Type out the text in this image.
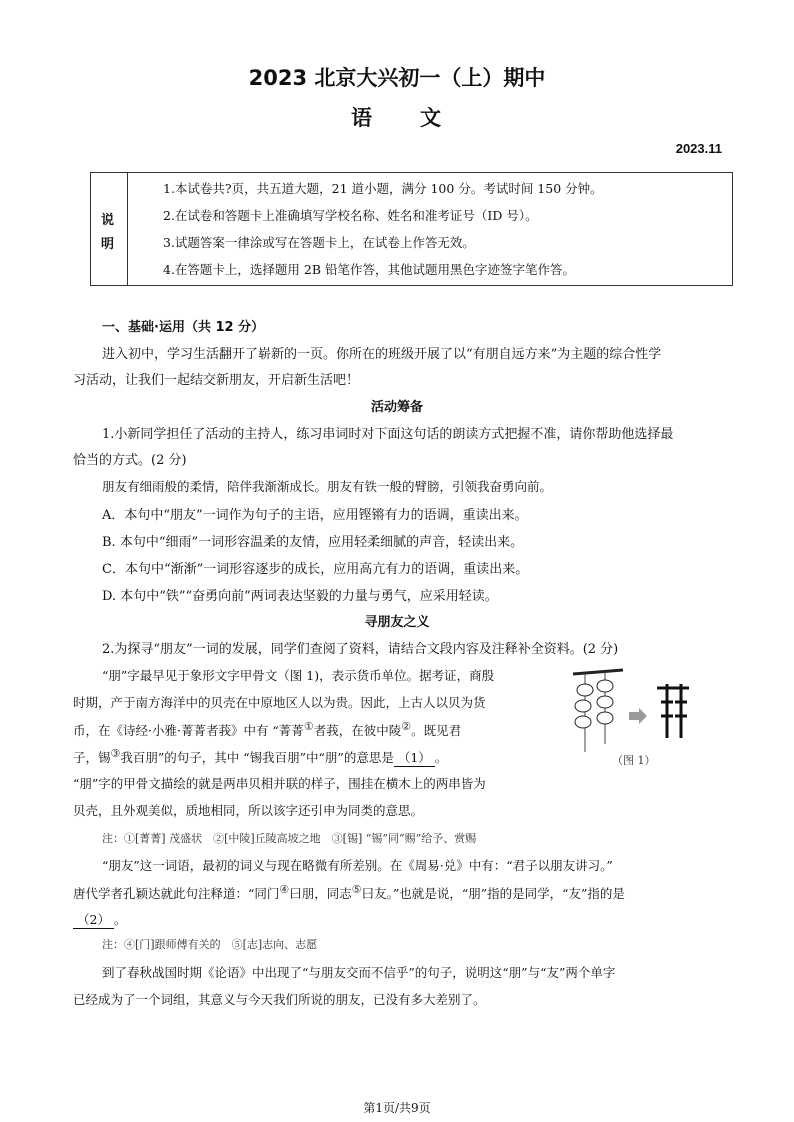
2023 北京大兴初一（上）期中
语　　文
2023.11
说
明
1.本试卷共?页，共五道大题，21 道小题，满分 100 分。考试时间 150 分钟。
2.在试卷和答题卡上准确填写学校名称、姓名和准考证号（ID 号）。
3.试题答案一律涂或写在答题卡上，在试卷上作答无效。
4.在答题卡上，选择题用 2B 铅笔作答，其他试题用黑色字迹签字笔作答。
一、基础·运用（共 12 分）
进入初中，学习生活翻开了崭新的一页。你所在的班级开展了以“有朋自远方来”为主题的综合性学
习活动，让我们一起结交新朋友，开启新生活吧！
活动筹备
1.小新同学担任了活动的主持人，练习串词时对下面这句话的朗读方式把握不准，请你帮助他选择最
恰当的方式。(2 分)
朋友有细雨般的柔情，陪伴我渐渐成长。朋友有铁一般的臂膀，引领我奋勇向前。
A．本句中“朋友”一词作为句子的主语，应用铿锵有力的语调，重读出来。
B. 本句中“细雨”一词形容温柔的友情，应用轻柔细腻的声音，轻读出来。
C．本句中“渐渐”一词形容逐步的成长，应用高亢有力的语调，重读出来。
D. 本句中“铁”“奋勇向前”两词表达坚毅的力量与勇气，应采用轻读。
寻朋友之义
2.为探寻“朋友”一词的发展，同学们查阅了资料，请结合文段内容及注释补全资料。(2 分)
“朋”字最早见于象形文字甲骨文（图 1)，表示货币单位。据考证，商殷
时期，产于南方海洋中的贝壳在中原地区人以为贵。因此，上古人以贝为货
币，在《诗经·小雅·菁菁者莪》中有 “菁菁①者莪，在彼中陵②。既见君
子，锡③我百朋”的句子，其中 “锡我百朋”中“朋”的意思是 （1） 。
“朋”字的甲骨文描绘的就是两串贝相并联的样子，围挂在横木上的两串皆为
贝壳，且外观美似，质地相同，所以该字还引申为同类的意思。
（图 1）
注：①[菁菁] 茂盛状　②[中陵]丘陵高坡之地　③[锡] “锡”同“赐”给予、赏赐
“朋友”这一词语，最初的词义与现在略微有所差别。在《周易·兑》中有：“君子以朋友讲习。”
唐代学者孔颖达就此句注释道：“同门④曰朋，同志⑤曰友。”也就是说，“朋”指的是同学，“友”指的是
（2） 。
注：④[门]跟师傅有关的　⑤[志]志向、志愿
到了春秋战国时期《论语》中出现了“与朋友交而不信乎”的句子，说明这“朋”与“友”两个单字
已经成为了一个词组，其意义与今天我们所说的朋友，已没有多大差别了。
第1页/共9页
